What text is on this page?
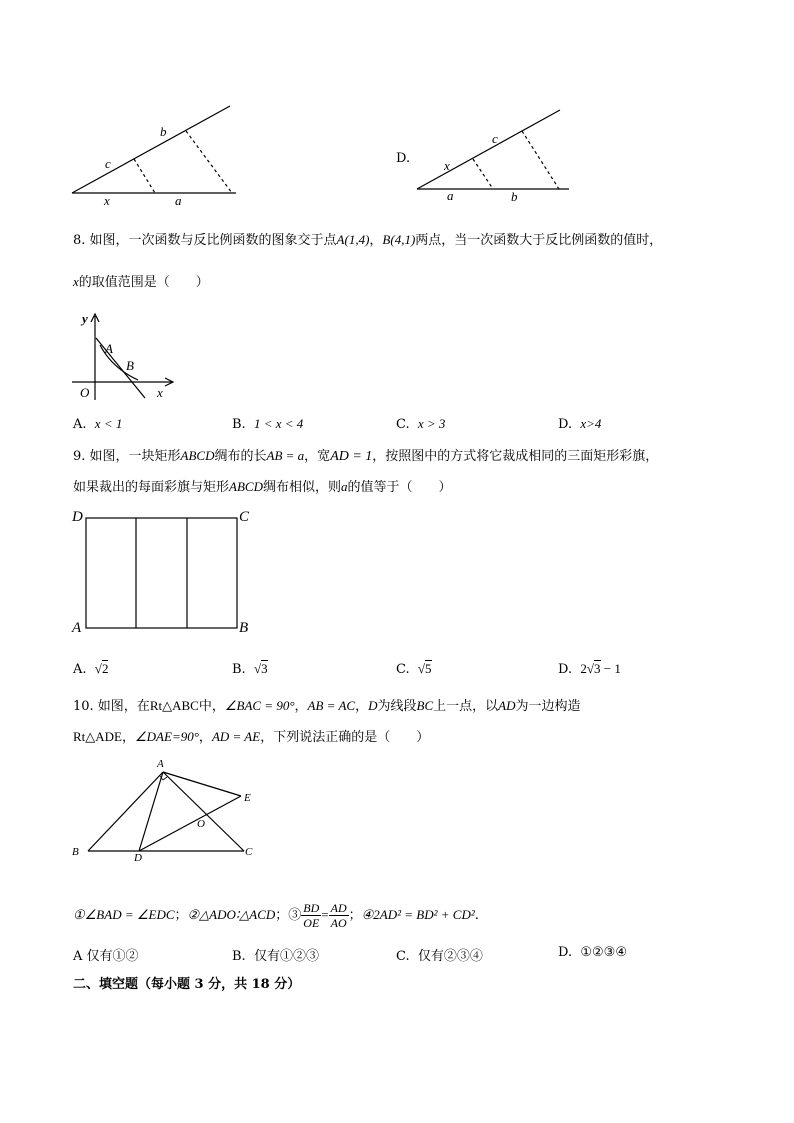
b
c
x	a
D.
c
x
a	b
8. 如图，一次函数与反比例函数的图象交于点A(1,4)，B(4,1)两点，当一次函数大于反比例函数的值时，
x的取值范围是（　　）
y
A
B
O	x
A. x < 1	B. 1 < x < 4	C. x > 3	D. x>4
9. 如图，一块矩形ABCD绸布的长AB = a，宽AD = 1，按照图中的方式将它裁成相同的三面矩形彩旗，
如果裁出的每面彩旗与矩形ABCD绸布相似，则a的值等于（　　）
D	C
A	B
A. √2	B. √3	C. √5	D. 2√3 − 1
10. 如图，在Rt△ABC中，∠BAC = 90°，AB = AC，D为线段BC上一点，以AD为一边构造
Rt△ADE，∠DAE=90°，AD = AE，下列说法正确的是（　　）
A
E
O
B	D	C
①∠BAD = ∠EDC；②△ADO∶△ACD；③ $\frac{BD}{OE} = \frac{AD}{AO}$ ；④2AD² = BD² + CD².
A 仅有①②	B. 仅有①②③	C. 仅有②③④	D. ①②③④
二、填空题（每小题 3 分，共 18 分）
